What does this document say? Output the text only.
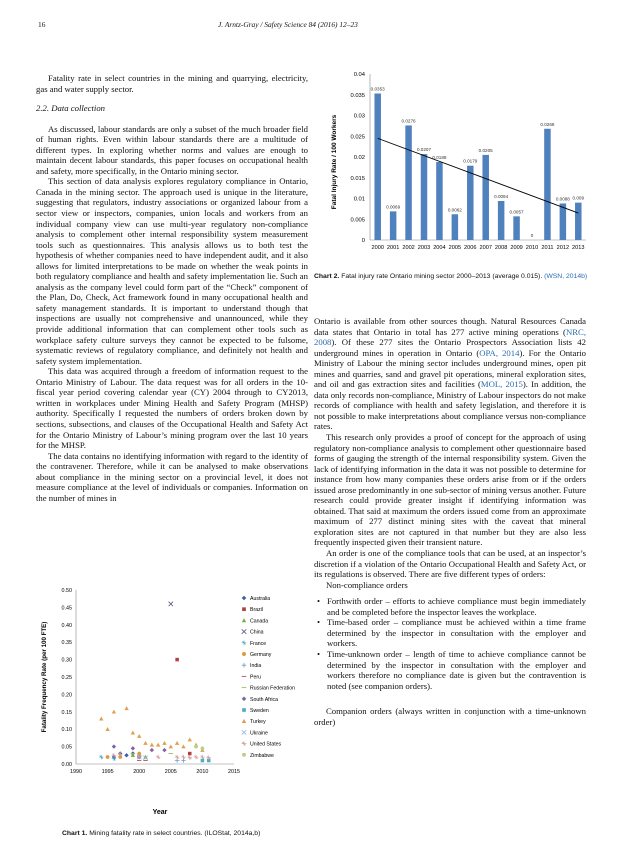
16	J. Arntz-Gray / Safety Science 84 (2016) 12–23

Fatality rate in select countries in the mining and quarrying, electricity, gas and water supply sector.

2.2. Data collection

As discussed, labour standards are only a subset of the much broader field of human rights. Even within labour standards there are a multitude of different types. In exploring whether norms and values are enough to maintain decent labour standards, this paper focuses on occupational health and safety, more specifically, in the Ontario mining sector.

This section of data analysis explores regulatory compliance in Ontario, Canada in the mining sector. The approach used is unique in the literature, suggesting that regulators, industry associations or organized labour from a sector view or inspectors, companies, union locals and workers from an individual company view can use multi-year regulatory non-compliance analysis to complement other internal responsibility system measurement tools such as questionnaires. This analysis allows us to both test the hypothesis of whether companies need to have independent audit, and it also allows for limited interpretations to be made on whether the weak points in both regulatory compliance and health and safety implementation lie. Such an analysis as the company level could form part of the “Check” component of the Plan, Do, Check, Act framework found in many occupational health and safety management standards. It is important to understand though that inspections are usually not comprehensive and unannounced, while they provide additional information that can complement other tools such as workplace safety culture surveys they cannot be expected to be fulsome, systematic reviews of regulatory compliance, and definitely not health and safety system implementation.

This data was acquired through a freedom of information request to the Ontario Ministry of Labour. The data request was for all orders in the 10-fiscal year period covering calendar year (CY) 2004 through to CY2013, written in workplaces under Mining Health and Safety Program (MHSP) authority. Specifically I requested the numbers of orders broken down by sections, subsections, and clauses of the Occupational Health and Safety Act for the Ontario Ministry of Labour’s mining program over the last 10 years for the MHSP.

The data contains no identifying information with regard to the identity of the contravener. Therefore, while it can be analysed to make observations about compliance in the mining sector on a provincial level, it does not measure compliance at the level of individuals or companies. Information on the number of mines in

Fatal Injury Rate / 100 Workers
0
0.005
0.01
0.015
0.02
0.025
0.03
0.035
0.04
2000 2001 2002 2003 2004 2005 2006 2007 2008 2009 2010 2011 2012 2013
0.0353
0.0069
0.0276
0.0207
0.0188
0.0062
0.0179
0.0205
0.0094
0.0057
0
0.0268
0.0088 0.009
Chart 2. Fatal injury rate Ontario mining sector 2000–2013 (average 0.015). (WSN, 2014b)

Ontario is available from other sources though. Natural Resources Canada data states that Ontario in total has 277 active mining operations (NRC, 2008). Of these 277 sites the Ontario Prospectors Association lists 42 underground mines in operation in Ontario (OPA, 2014). For the Ontario Ministry of Labour the mining sector includes underground mines, open pit mines and quarries, sand and gravel pit operations, mineral exploration sites, and oil and gas extraction sites and facilities (MOL, 2015). In addition, the data only records non-compliance, Ministry of Labour inspectors do not make records of compliance with health and safety legislation, and therefore it is not possible to make interpretations about compliance versus non-compliance rates.

This research only provides a proof of concept for the approach of using regulatory non-compliance analysis to complement other questionnaire based forms of gauging the strength of the internal responsibility system. Given the lack of identifying information in the data it was not possible to determine for instance from how many companies these orders arise from or if the orders issued arose predominantly in one sub-sector of mining versus another. Future research could provide greater insight if identifying information was obtained. That said at maximum the orders issued come from an approximate maximum of 277 distinct mining sites with the caveat that mineral exploration sites are not captured in that number but they are also less frequently inspected given their transient nature.

An order is one of the compliance tools that can be used, at an inspector’s discretion if a violation of the Ontario Occupational Health and Safety Act, or its regulations is observed. There are five different types of orders:

Non-compliance orders

• Forthwith order – efforts to achieve compliance must begin immediately and be completed before the inspector leaves the workplace.
• Time-based order – compliance must be achieved within a time frame determined by the inspector in consultation with the employer and workers.
• Time-unknown order – length of time to achieve compliance cannot be determined by the inspector in consultation with the employer and workers therefore no compliance date is given but the contravention is noted (see companion orders).

Companion orders (always written in conjunction with a time-unknown order)

Fatality Frequency Rate (per 100 FTE)
Year
0.00
0.05
0.10
0.15
0.20
0.25
0.30
0.35
0.40
0.45
0.50
1990	1995	2000	2005	2010	2015
Australia
Brazil
Canada
China
France
Germany
India
Peru
Russian Federation
South Africa
Sweden
Turkey
Ukraine
United States
Zimbabwe
Chart 1. Mining fatality rate in select countries. (ILOStat, 2014a,b)
